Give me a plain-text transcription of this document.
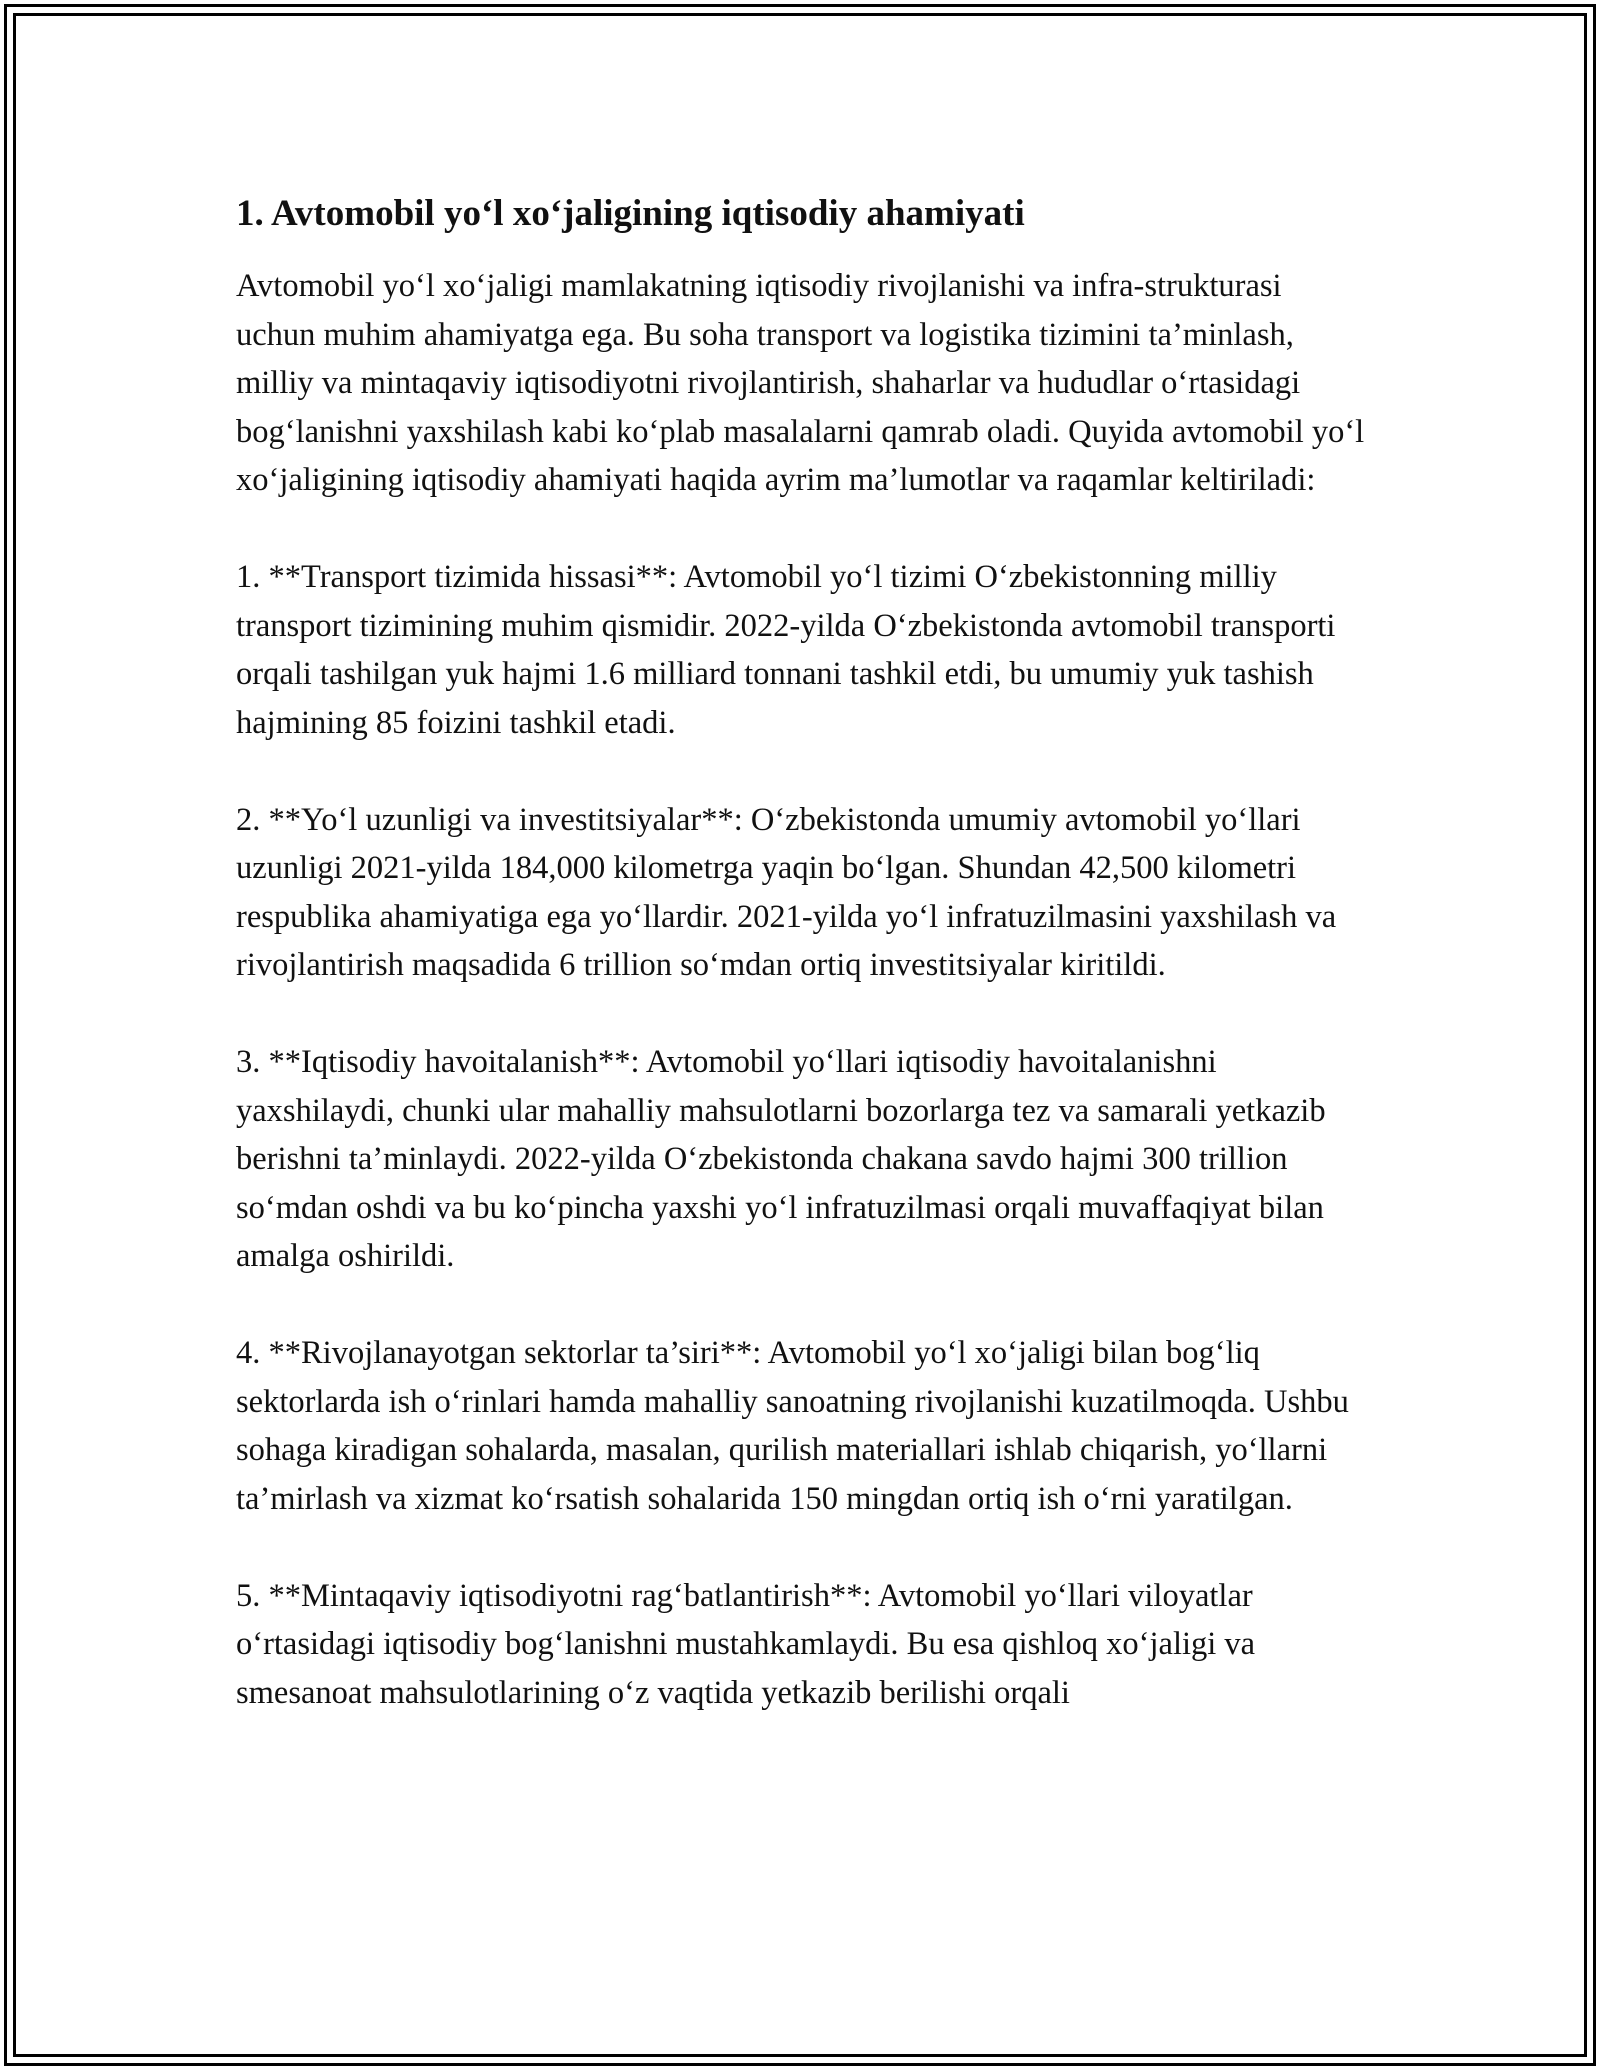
1. Avtomobil yo‘l xo‘jaligining iqtisodiy ahamiyati

Avtomobil yo‘l xo‘jaligi mamlakatning iqtisodiy rivojlanishi va infra-strukturasi uchun muhim ahamiyatga ega. Bu soha transport va logistika tizimini ta’minlash, milliy va mintaqaviy iqtisodiyotni rivojlantirish, shaharlar va hududlar o‘rtasidagi bog‘lanishni yaxshilash kabi ko‘plab masalalarni qamrab oladi. Quyida avtomobil yo‘l xo‘jaligining iqtisodiy ahamiyati haqida ayrim ma’lumotlar va raqamlar keltiriladi:

1. **Transport tizimida hissasi**: Avtomobil yo‘l tizimi O‘zbekistonning milliy transport tizimining muhim qismidir. 2022-yilda O‘zbekistonda avtomobil transporti orqali tashilgan yuk hajmi 1.6 milliard tonnani tashkil etdi, bu umumiy yuk tashish hajmining 85 foizini tashkil etadi.

2. **Yo‘l uzunligi va investitsiyalar**: O‘zbekistonda umumiy avtomobil yo‘llari uzunligi 2021-yilda 184,000 kilometrga yaqin bo‘lgan. Shundan 42,500 kilometri respublika ahamiyatiga ega yo‘llardir. 2021-yilda yo‘l infratuzilmasini yaxshilash va rivojlantirish maqsadida 6 trillion so‘mdan ortiq investitsiyalar kiritildi.

3. **Iqtisodiy havoitalanish**: Avtomobil yo‘llari iqtisodiy havoitalanishni yaxshilaydi, chunki ular mahalliy mahsulotlarni bozorlarga tez va samarali yetkazib berishni ta’minlaydi. 2022-yilda O‘zbekistonda chakana savdo hajmi 300 trillion so‘mdan oshdi va bu ko‘pincha yaxshi yo‘l infratuzilmasi orqali muvaffaqiyat bilan amalga oshirildi.

4. **Rivojlanayotgan sektorlar ta’siri**: Avtomobil yo‘l xo‘jaligi bilan bog‘liq sektorlarda ish o‘rinlari hamda mahalliy sanoatning rivojlanishi kuzatilmoqda. Ushbu sohaga kiradigan sohalarda, masalan, qurilish materiallari ishlab chiqarish, yo‘llarni ta’mirlash va xizmat ko‘rsatish sohalarida 150 mingdan ortiq ish o‘rni yaratilgan.

5. **Mintaqaviy iqtisodiyotni rag‘batlantirish**: Avtomobil yo‘llari viloyatlar o‘rtasidagi iqtisodiy bog‘lanishni mustahkamlaydi. Bu esa qishloq xo‘jaligi va smesanoat mahsulotlarining o‘z vaqtida yetkazib berilishi orqali
